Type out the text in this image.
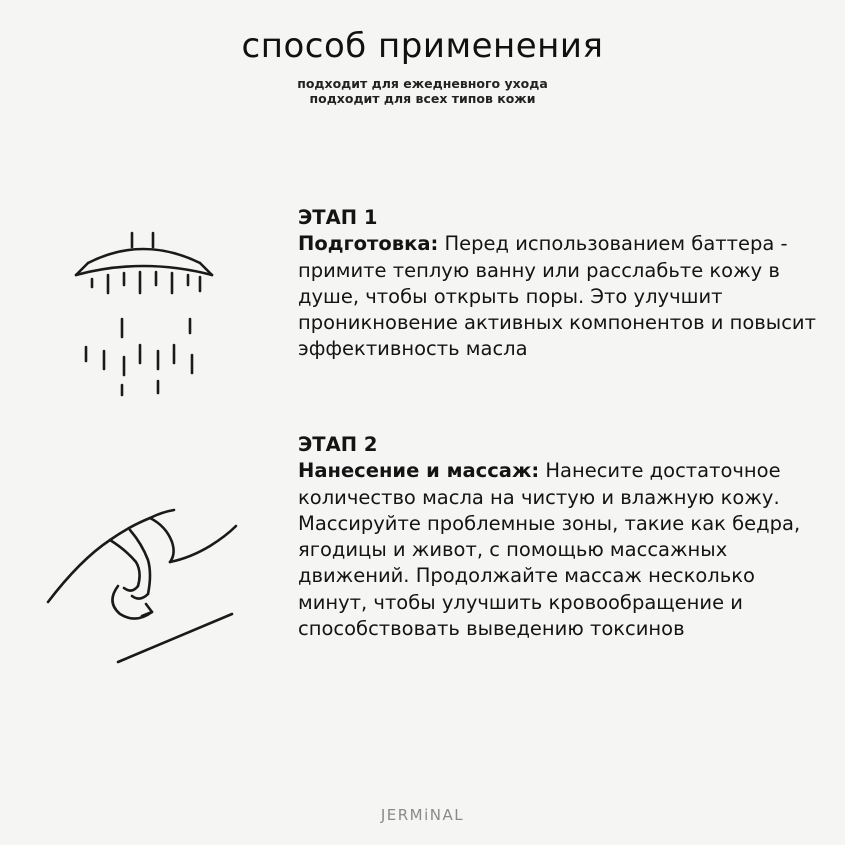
способ применения
подходит для ежедневного ухода
подходит для всех типов кожи
ЭТАП 1
Подготовка: Перед использованием баттера - примите теплую ванну или расслабьте кожу в душе, чтобы открыть поры. Это улучшит проникновение активных компонентов и повысит эффективность масла
ЭТАП 2
Нанесение и массаж: Нанесите достаточное количество масла на чистую и влажную кожу. Массируйте проблемные зоны, такие как бедра, ягодицы и живот, с помощью массажных движений. Продолжайте массаж несколько минут, чтобы улучшить кровообращение и способствовать выведению токсинов
JERMiNAL
